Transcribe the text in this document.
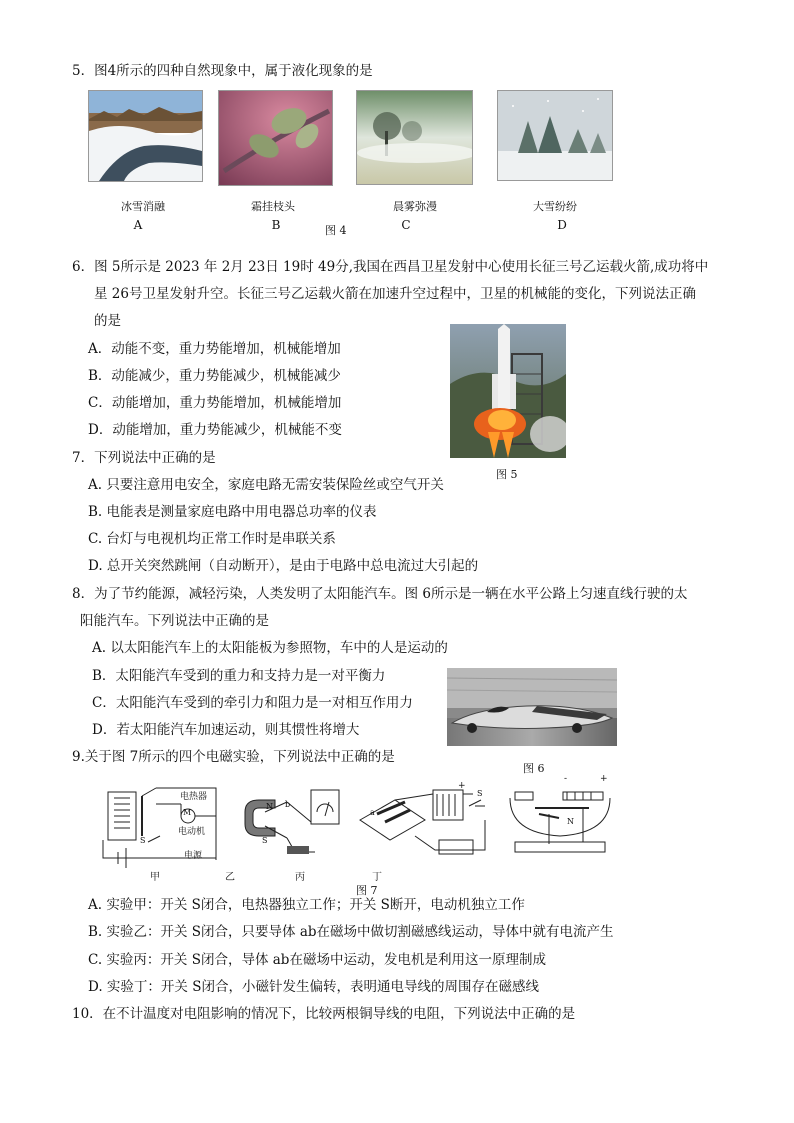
5．图4所示的四种自然现象中，属于液化现象的是
冰雪消融	霜挂枝头	晨雾弥漫	大雪纷纷
A	B	图 4	C	D
6．图 5所示是 2023 年 2月 23日 19时 49分,我国在西昌卫星发射中心使用长征三号乙运载火箭,成功将中
星 26号卫星发射升空。长征三号乙运载火箭在加速升空过程中，卫星的机械能的变化，下列说法正确
的是
A．动能不变，重力势能增加，机械能增加
B．动能减少，重力势能减少，机械能减少
C．动能增加，重力势能增加，机械能增加
D．动能增加，重力势能减少，机械能不变
图 5
7．下列说法中正确的是
A. 只要注意用电安全，家庭电路无需安装保险丝或空气开关
B. 电能表是测量家庭电路中用电器总功率的仪表
C. 台灯与电视机均正常工作时是串联关系
D. 总开关突然跳闸（自动断开），是由于电路中总电流过大引起的
8．为了节约能源，减轻污染，人类发明了太阳能汽车。图 6所示是一辆在水平公路上匀速直线行驶的太
阳能汽车。下列说法中正确的是
A. 以太阳能汽车上的太阳能板为参照物，车中的人是运动的
B．太阳能汽车受到的重力和支持力是一对平衡力
C．太阳能汽车受到的牵引力和阻力是一对相互作用力
D．若太阳能汽车加速运动，则其惯性将增大
图 6
9.关于图 7所示的四个电磁实验，下列说法中正确的是
电热器
M
电动机
S
电源
甲
N
S
b
乙	丙
+
S
a
丁
-	+
N
图 7
A. 实验甲：开关 S闭合，电热器独立工作；开关 S断开，电动机独立工作
B. 实验乙：开关 S闭合，只要导体 ab在磁场中做切割磁感线运动，导体中就有电流产生
C. 实验丙：开关 S闭合，导体 ab在磁场中运动，发电机是利用这一原理制成
D. 实验丁：开关 S闭合，小磁针发生偏转，表明通电导线的周围存在磁感线
10．在不计温度对电阻影响的情况下，比较两根铜导线的电阻，下列说法中正确的是
